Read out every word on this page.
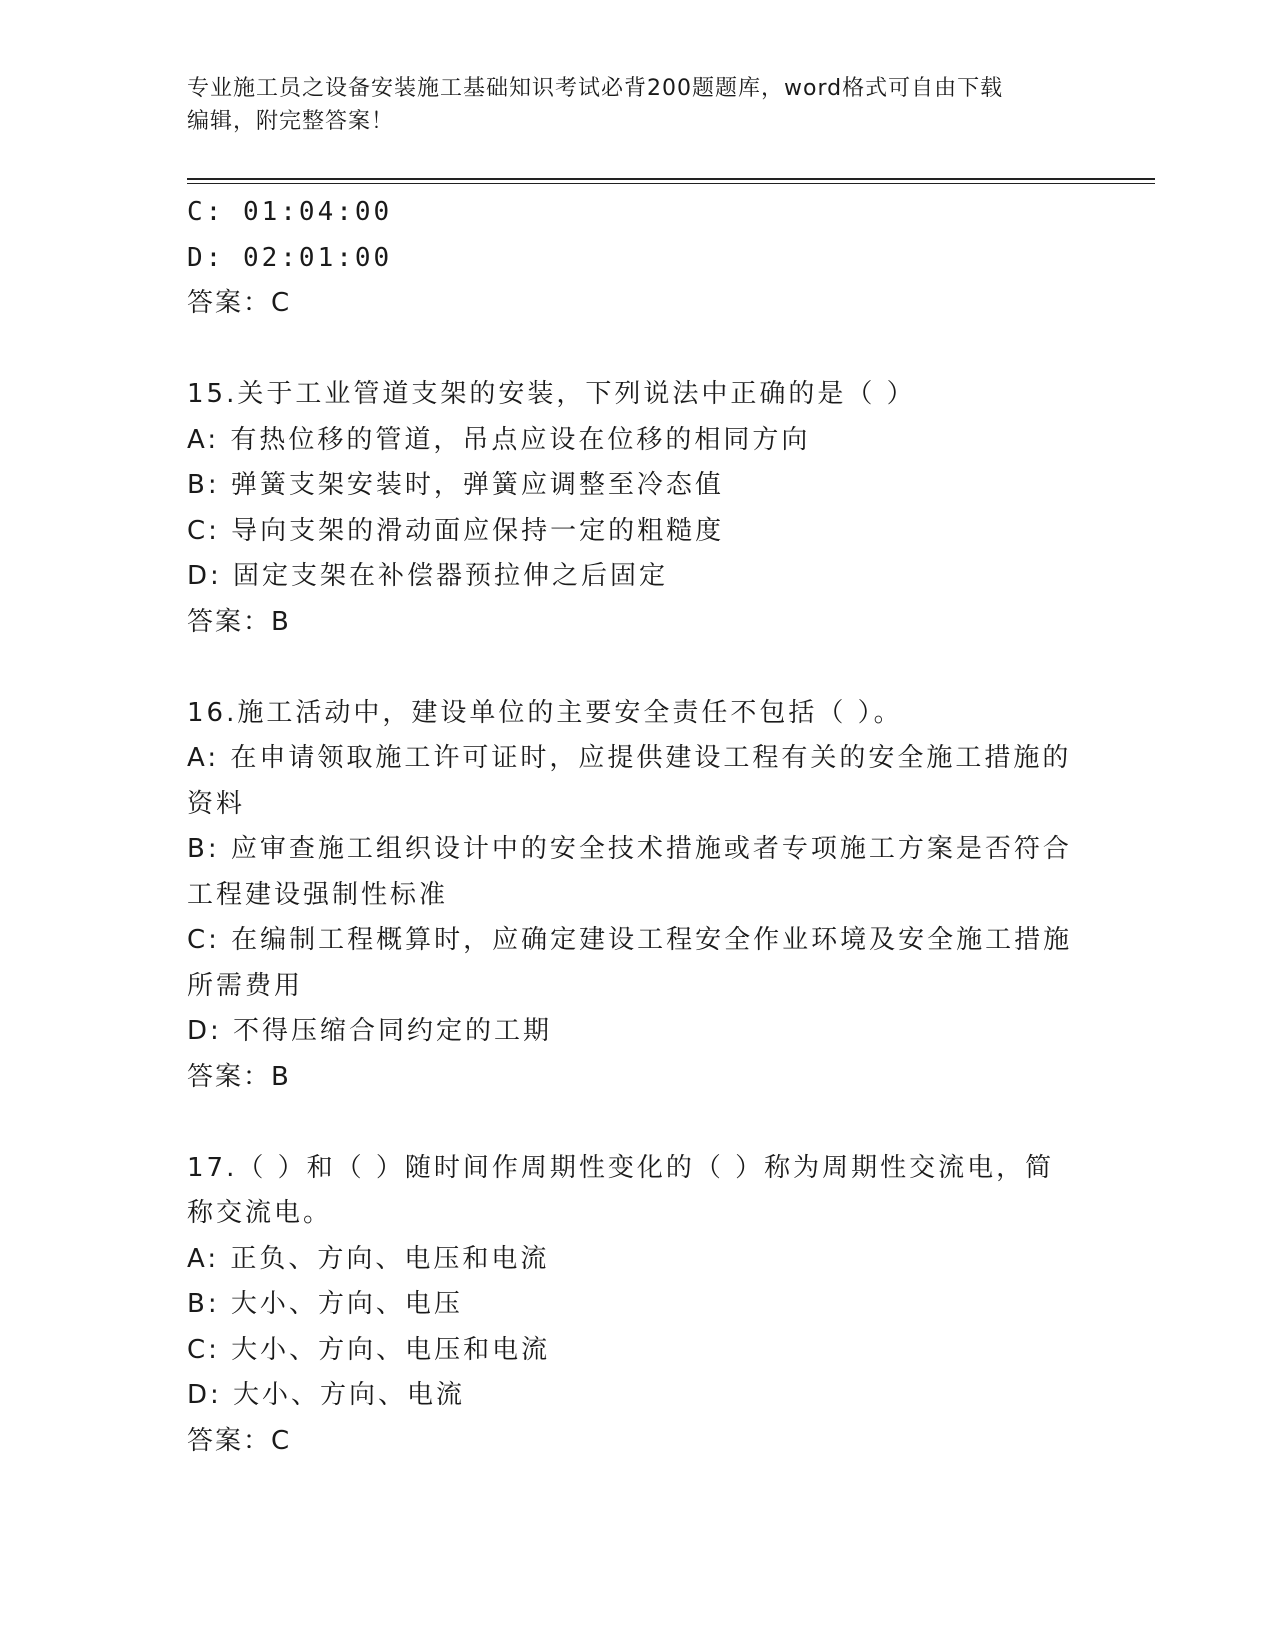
专业施工员之设备安装施工基础知识考试必背200题题库，word格式可自由下载
编辑，附完整答案！
C: 01:04:00
D: 02:01:00
答案：C
15.关于工业管道支架的安装，下列说法中正确的是（ ）
A: 有热位移的管道，吊点应设在位移的相同方向
B: 弹簧支架安装时，弹簧应调整至冷态值
C: 导向支架的滑动面应保持一定的粗糙度
D: 固定支架在补偿器预拉伸之后固定
答案：B
16.施工活动中，建设单位的主要安全责任不包括（ ）。
A: 在申请领取施工许可证时，应提供建设工程有关的安全施工措施的
资料
B: 应审查施工组织设计中的安全技术措施或者专项施工方案是否符合
工程建设强制性标准
C: 在编制工程概算时，应确定建设工程安全作业环境及安全施工措施
所需费用
D: 不得压缩合同约定的工期
答案：B
17.（ ）和（ ）随时间作周期性变化的（ ）称为周期性交流电，简
称交流电。
A: 正负、方向、电压和电流
B: 大小、方向、电压
C: 大小、方向、电压和电流
D: 大小、方向、电流
答案：C
